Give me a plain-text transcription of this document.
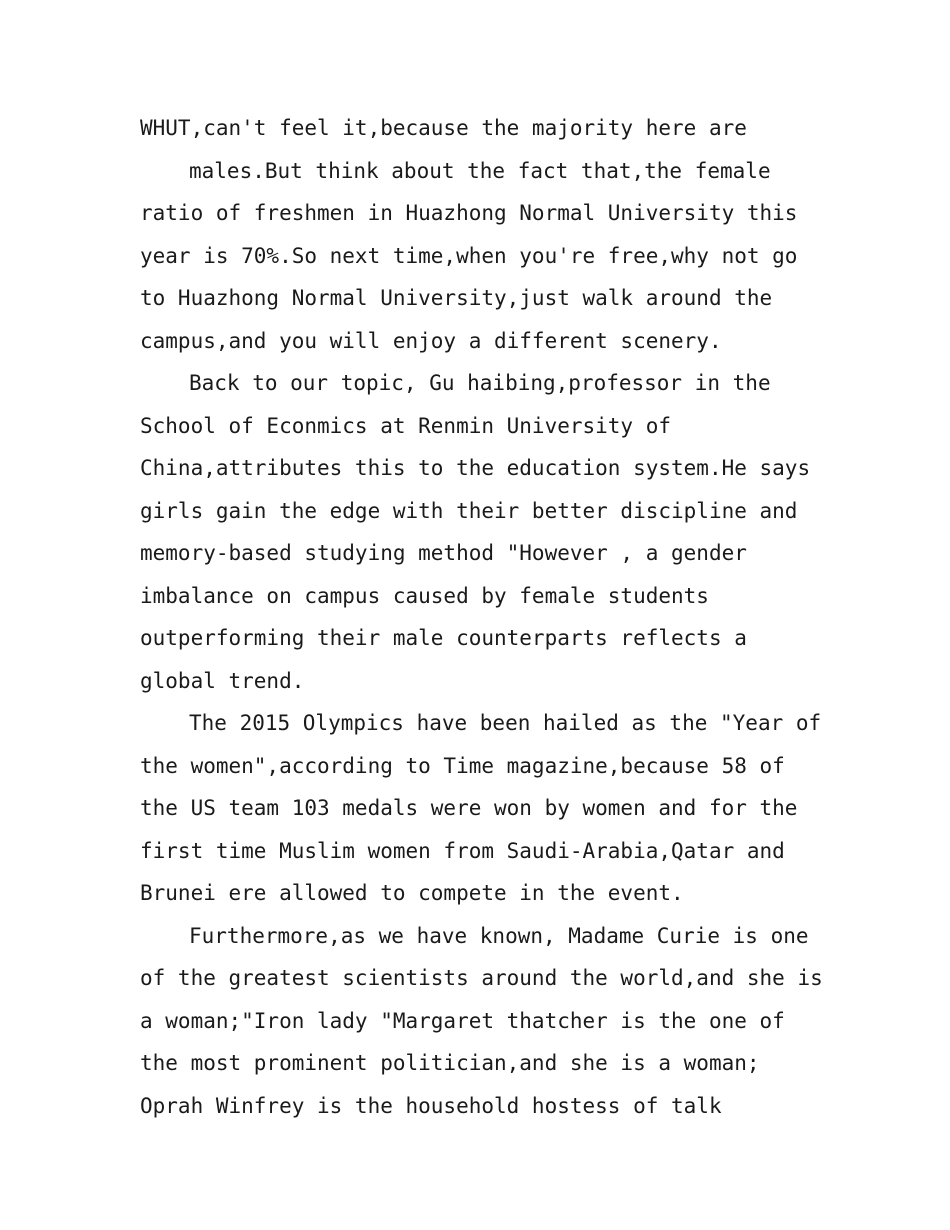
WHUT,can't feel it,because the majority here are

males.But think about the fact that,the female

ratio of freshmen in Huazhong Normal University this

year is 70%.So next time,when you're free,why not go

to Huazhong Normal University,just walk around the

campus,and you will enjoy a different scenery.

Back to our topic, Gu haibing,professor in the

School of Econmics at Renmin University of

China,attributes this to the education system.He says

girls gain the edge with their better discipline and

memory-based studying method "However , a gender

imbalance on campus caused by female students

outperforming their male counterparts reflects a

global trend.

The 2015 Olympics have been hailed as the "Year of

the women",according to Time magazine,because 58 of

the US team 103 medals were won by women and for the

first time Muslim women from Saudi-Arabia,Qatar and

Brunei ere allowed to compete in the event.

Furthermore,as we have known, Madame Curie is one

of the greatest scientists around the world,and she is

a woman;"Iron lady "Margaret thatcher is the one of

the most prominent politician,and she is a woman;

Oprah Winfrey is the household hostess of talk
